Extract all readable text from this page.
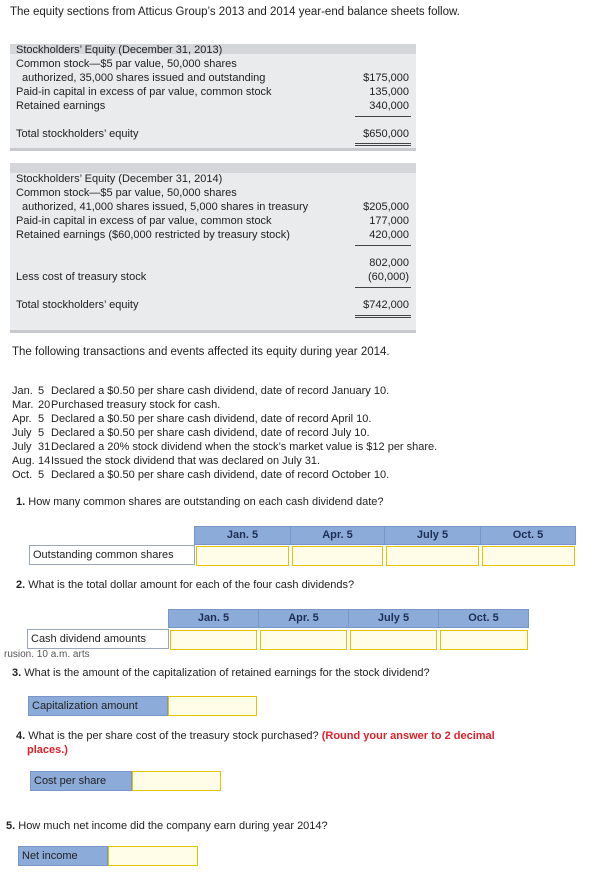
The equity sections from Atticus Group’s 2013 and 2014 year-end balance sheets follow.
Stockholders’ Equity (December 31, 2013)
Common stock—$5 par value, 50,000 shares
authorized, 35,000 shares issued and outstanding	$175,000
Paid-in capital in excess of par value, common stock	135,000
Retained earnings	340,000
Total stockholders’ equity	$650,000
Stockholders’ Equity (December 31, 2014)
Common stock—$5 par value, 50,000 shares
authorized, 41,000 shares issued, 5,000 shares in treasury	$205,000
Paid-in capital in excess of par value, common stock	177,000
Retained earnings ($60,000 restricted by treasury stock)	420,000
802,000
Less cost of treasury stock	(60,000)
Total stockholders’ equity	$742,000
The following transactions and events affected its equity during year 2014.
Jan. 5 Declared a $0.50 per share cash dividend, date of record January 10.
Mar. 20Purchased treasury stock for cash.
Apr. 5 Declared a $0.50 per share cash dividend, date of record April 10.
July 5 Declared a $0.50 per share cash dividend, date of record July 10.
July 31Declared a 20% stock dividend when the stock’s market value is $12 per share.
Aug. 14Issued the stock dividend that was declared on July 31.
Oct. 5 Declared a $0.50 per share cash dividend, date of record October 10.
1. How many common shares are outstanding on each cash dividend date?
Jan. 5	Apr. 5	July 5	Oct. 5
Outstanding common shares
2. What is the total dollar amount for each of the four cash dividends?
Jan. 5	Apr. 5	July 5	Oct. 5
Cash dividend amounts
rusion. 10 a.m. arts
3. What is the amount of the capitalization of retained earnings for the stock dividend?
Capitalization amount
4. What is the per share cost of the treasury stock purchased? (Round your answer to 2 decimal
places.)
Cost per share
5. How much net income did the company earn during year 2014?
Net income
